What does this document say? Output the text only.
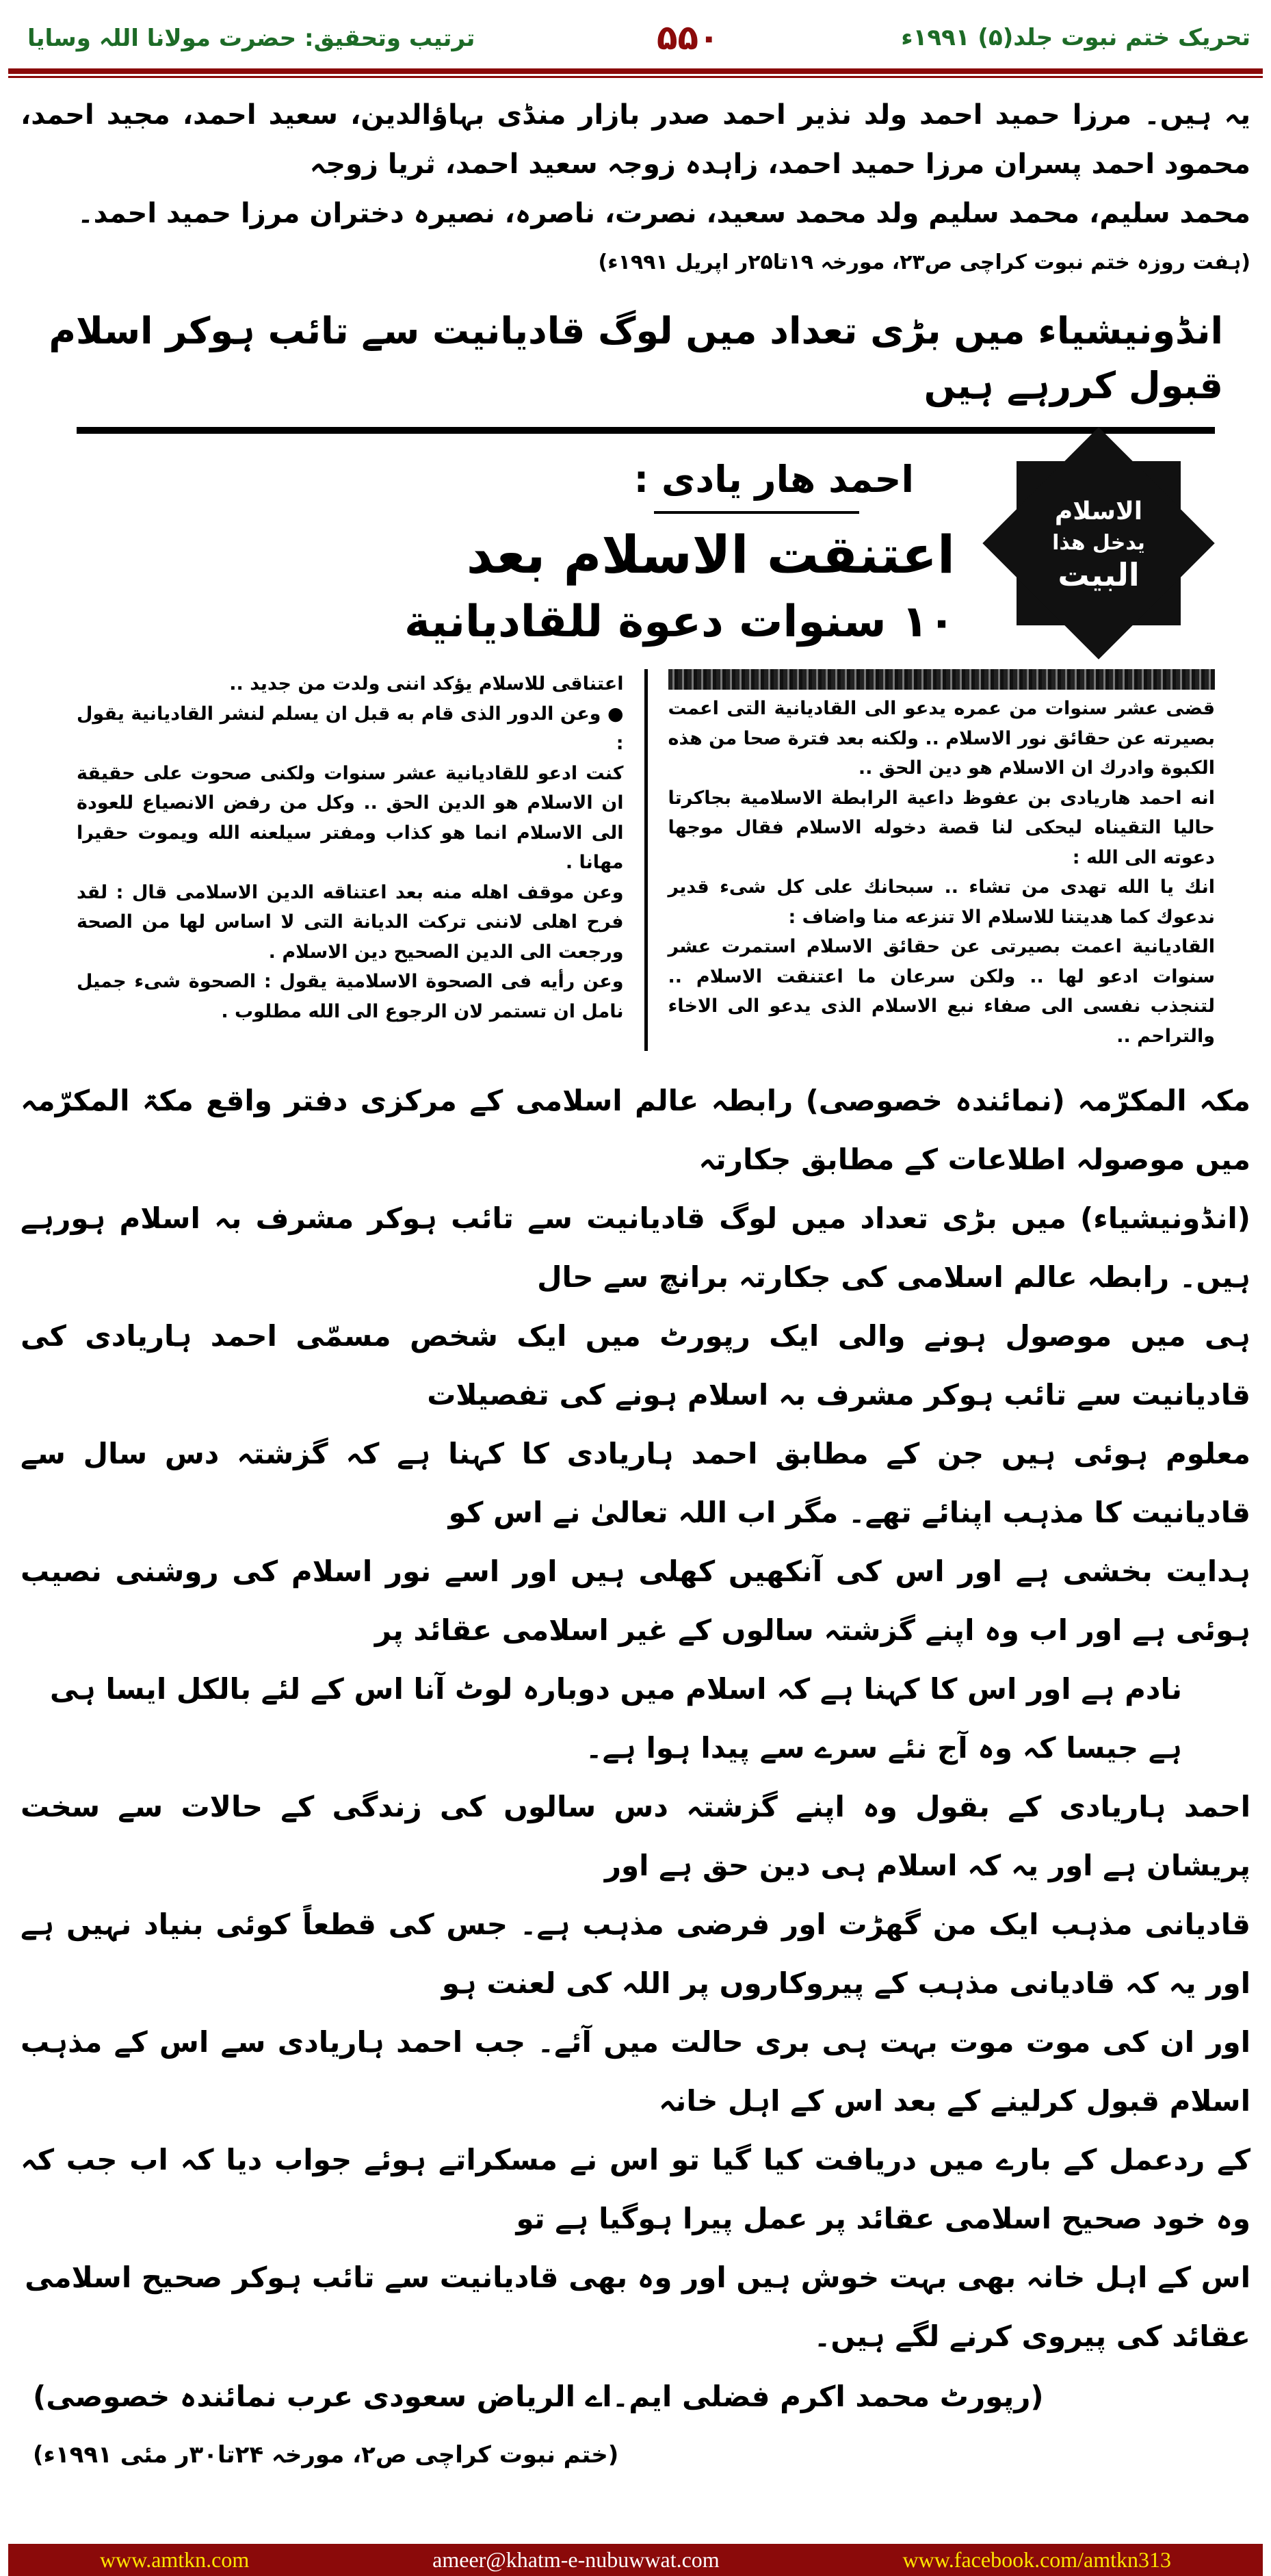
تحریک ختم نبوت جلد(۵) ۱۹۹۱ء
۵۵۰
ترتیب وتحقیق: حضرت مولانا اللہ وسایا
یہ ہیں۔ مرزا حمید احمد ولد نذیر احمد صدر بازار منڈی بہاؤالدین، سعید احمد، مجید احمد، محمود احمد پسران مرزا حمید احمد، زاہدہ زوجہ سعید احمد، ثریا زوجہ
محمد سلیم، محمد سلیم ولد محمد سعید، نصرت، ناصرہ، نصیرہ دختران مرزا حمید احمد۔
(ہفت روزہ ختم نبوت کراچی ص۲۳، مورخہ ۱۹تا۲۵ر اپریل ۱۹۹۱ء)
انڈونیشیاء میں بڑی تعداد میں لوگ قادیانیت سے تائب ہوکر اسلام قبول کررہے ہیں
الاسلام
یدخل هذا
البیت
احمد هار یادی :
اعتنقت الاسلام بعد
۱۰ سنوات دعوة للقادیانیة

قضی عشر سنوات من عمره یدعو الی القادیانیة التی اعمت بصیرته عن حقائق نور الاسلام .. ولکنه بعد فترة صحا من هذه الکبوة وادرك ان الاسلام هو دین الحق ..

انه احمد هاریادی بن عفوظ داعیة الرابطة الاسلامیة بجاکرتا حالیا التقیناه لیحکی لنا قصة دخوله الاسلام فقال موجها دعوته الی الله :

انك یا الله تهدی من تشاء .. سبحانك علی کل شیء قدیر ندعوك کما هدیتنا للاسلام الا تنزعه منا واضاف :

القادیانیة اعمت بصیرتی عن حقائق الاسلام استمرت عشر سنوات ادعو لها .. ولکن سرعان ما اعتنقت الاسلام .. لتنجذب نفسی الی صفاء نبع الاسلام الذی یدعو الی الاخاء والتراحم ..

اعتناقی للاسلام یؤکد اننی ولدت من جدید ..

● وعن الدور الذی قام به قبل ان یسلم لنشر القادیانیة یقول :

کنت ادعو للقادیانیة عشر سنوات ولکنی صحوت علی حقیقة ان الاسلام هو الدین الحق .. وکل من رفض الانصیاع للعودة الی الاسلام انما هو کذاب ومفتر سیلعنه الله ویموت حقیرا مهانا .

وعن موقف اهله منه بعد اعتناقه الدین الاسلامی قال : لقد فرح اهلی لاننی ترکت الدیانة التی لا اساس لها من الصحة ورجعت الی الدین الصحیح دین الاسلام .

وعن رأیه فی الصحوة الاسلامیة یقول : الصحوة شیء جمیل نامل ان تستمر لان الرجوع الی الله مطلوب .

مکہ المکرّمہ (نمائندہ خصوصی) رابطہ عالم اسلامی کے مرکزی دفتر واقع مکۃ المکرّمہ میں موصولہ اطلاعات کے مطابق جکارتہ
(انڈونیشیاء) میں بڑی تعداد میں لوگ قادیانیت سے تائب ہوکر مشرف بہ اسلام ہورہے ہیں۔ رابطہ عالم اسلامی کی جکارتہ برانچ سے حال
ہی میں موصول ہونے والی ایک رپورٹ میں ایک شخص مسمّی احمد ہاریادی کی قادیانیت سے تائب ہوکر مشرف بہ اسلام ہونے کی تفصیلات
معلوم ہوئی ہیں جن کے مطابق احمد ہاریادی کا کہنا ہے کہ گزشتہ دس سال سے قادیانیت کا مذہب اپنائے تھے۔ مگر اب اللہ تعالیٰ نے اس کو
ہدایت بخشی ہے اور اس کی آنکھیں کھلی ہیں اور اسے نور اسلام کی روشنی نصیب ہوئی ہے اور اب وہ اپنے گزشتہ سالوں کے غیر اسلامی عقائد پر
نادم ہے اور اس کا کہنا ہے کہ اسلام میں دوبارہ لوٹ آنا اس کے لئے بالکل ایسا ہی ہے جیسا کہ وہ آج نئے سرے سے پیدا ہوا ہے۔
احمد ہاریادی کے بقول وہ اپنے گزشتہ دس سالوں کی زندگی کے حالات سے سخت پریشان ہے اور یہ کہ اسلام ہی دین حق ہے اور
قادیانی مذہب ایک من گھڑت اور فرضی مذہب ہے۔ جس کی قطعاً کوئی بنیاد نہیں ہے اور یہ کہ قادیانی مذہب کے پیروکاروں پر اللہ کی لعنت ہو
اور ان کی موت موت بہت ہی بری حالت میں آئے۔ جب احمد ہاریادی سے اس کے مذہب اسلام قبول کرلینے کے بعد اس کے اہل خانہ
کے ردعمل کے بارے میں دریافت کیا گیا تو اس نے مسکراتے ہوئے جواب دیا کہ اب جب کہ وہ خود صحیح اسلامی عقائد پر عمل پیرا ہوگیا ہے تو
اس کے اہل خانہ بھی بہت خوش ہیں اور وہ بھی قادیانیت سے تائب ہوکر صحیح اسلامی عقائد کی پیروی کرنے لگے ہیں۔
(رپورٹ محمد اکرم فضلی ایم۔اے الریاض سعودی عرب نمائندہ خصوصی)
(ختم نبوت کراچی ص۲، مورخہ ۲۴تا۳۰ر مئی ۱۹۹۱ء)
www.amtkn.com	ameer@khatm-e-nubuwwat.com	www.facebook.com/amtkn313
